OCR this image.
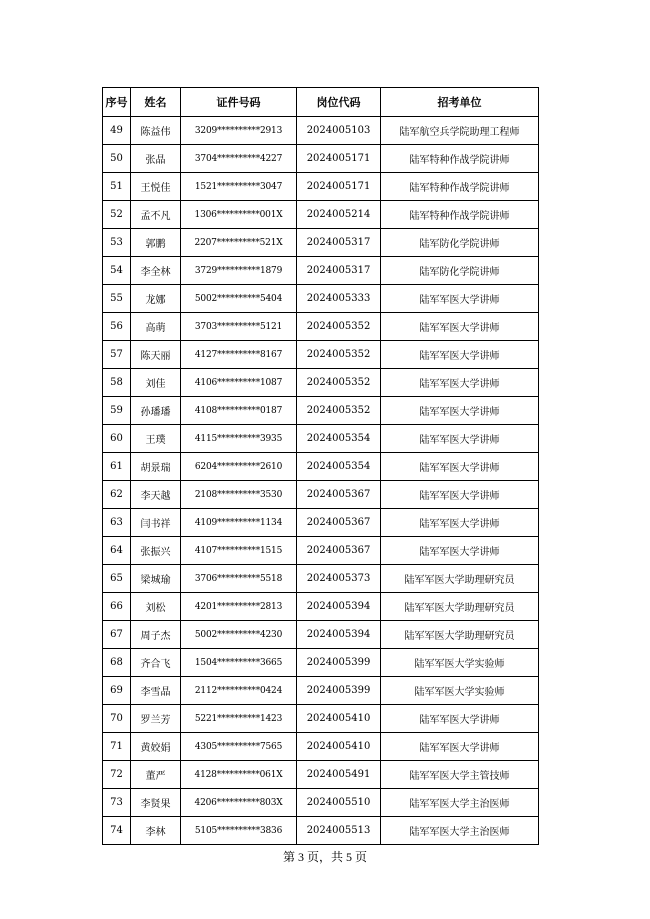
序号	姓名	证件号码	岗位代码	招考单位
49	陈益伟	3209**********2913	2024005103	陆军航空兵学院助理工程师
50	张晶	3704**********4227	2024005171	陆军特种作战学院讲师
51	王悦佳	1521**********3047	2024005171	陆军特种作战学院讲师
52	孟不凡	1306**********001X	2024005214	陆军特种作战学院讲师
53	郭鹏	2207**********521X	2024005317	陆军防化学院讲师
54	李全林	3729**********1879	2024005317	陆军防化学院讲师
55	龙娜	5002**********5404	2024005333	陆军军医大学讲师
56	高萌	3703**********5121	2024005352	陆军军医大学讲师
57	陈天丽	4127**********8167	2024005352	陆军军医大学讲师
58	刘佳	4106**********1087	2024005352	陆军军医大学讲师
59	孙璠璠	4108**********0187	2024005352	陆军军医大学讲师
60	王璞	4115**********3935	2024005354	陆军军医大学讲师
61	胡景瑞	6204**********2610	2024005354	陆军军医大学讲师
62	李天越	2108**********3530	2024005367	陆军军医大学讲师
63	闫书祥	4109**********1134	2024005367	陆军军医大学讲师
64	张振兴	4107**********1515	2024005367	陆军军医大学讲师
65	梁城瑜	3706**********5518	2024005373	陆军军医大学助理研究员
66	刘松	4201**********2813	2024005394	陆军军医大学助理研究员
67	周子杰	5002**********4230	2024005394	陆军军医大学助理研究员
68	齐合飞	1504**********3665	2024005399	陆军军医大学实验师
69	李雪晶	2112**********0424	2024005399	陆军军医大学实验师
70	罗兰芳	5221**********1423	2024005410	陆军军医大学讲师
71	黄姣娟	4305**********7565	2024005410	陆军军医大学讲师
72	董严	4128**********061X	2024005491	陆军军医大学主管技师
73	李贤果	4206**********803X	2024005510	陆军军医大学主治医师
74	李林	5105**********3836	2024005513	陆军军医大学主治医师
第 3 页，共 5 页
